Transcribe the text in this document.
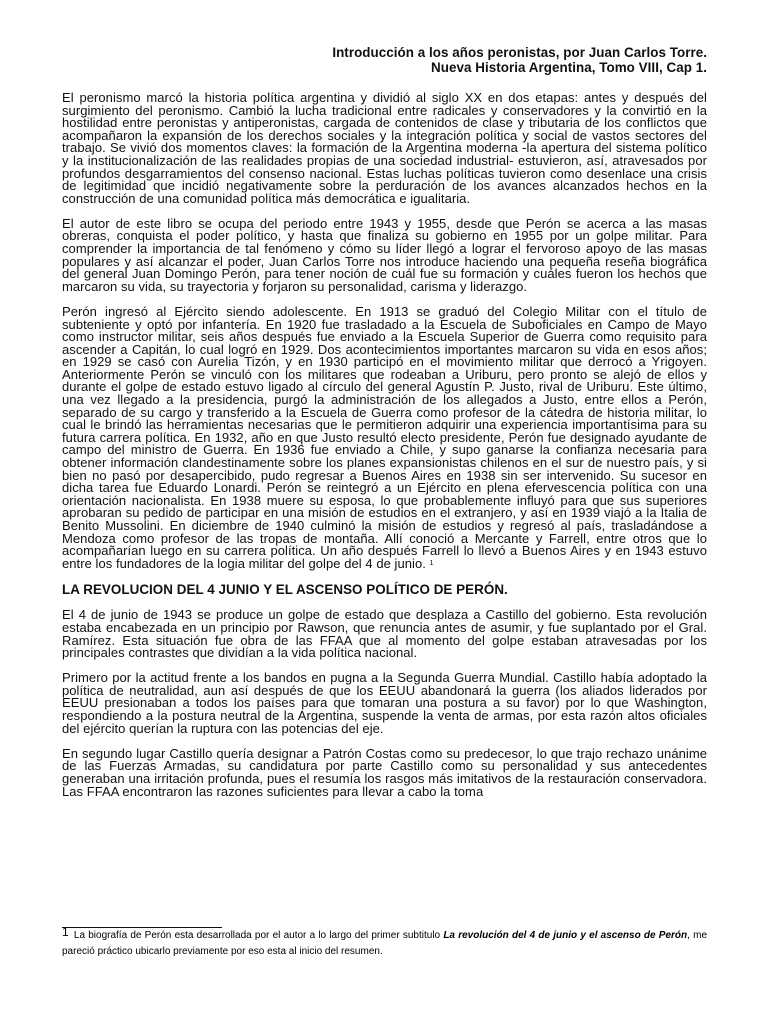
Introducción a los años peronistas, por Juan Carlos Torre.

Nueva Historia Argentina, Tomo VIII, Cap 1.

El peronismo marcó la historia política argentina y dividió al siglo XX en dos etapas: antes y después del surgimiento del peronismo. Cambió la lucha tradicional entre radicales y conservadores y la convirtió en la hostilidad entre peronistas y antiperonistas, cargada de contenidos de clase y tributaria de los conflictos que acompañaron la expansión de los derechos sociales y la integración política y social de vastos sectores del trabajo. Se vivió dos momentos claves: la formación de la Argentina moderna -la apertura del sistema político y la institucionalización de las realidades propias de una sociedad industrial- estuvieron, así, atravesados por profundos desgarramientos del consenso nacional. Estas luchas políticas tuvieron como desenlace una crisis de legitimidad que incidió negativamente sobre la perduración de los avances alcanzados hechos en la construcción de una comunidad política más democrática e igualitaria.

El autor de este libro se ocupa del periodo entre 1943 y 1955, desde que Perón se acerca a las masas obreras, conquista el poder político, y hasta que finaliza su gobierno en 1955 por un golpe militar. Para comprender la importancia de tal fenómeno y cómo su líder llegó a lograr el fervoroso apoyo de las masas populares y así alcanzar el poder, Juan Carlos Torre nos introduce haciendo una pequeña reseña biográfica del general Juan Domingo Perón, para tener noción de cuál fue su formación y cuáles fueron los hechos que marcaron su vida, su trayectoria y forjaron su personalidad, carisma y liderazgo.

Perón ingresó al Ejército siendo adolescente. En 1913 se graduó del Colegio Militar con el título de subteniente y optó por infantería. En 1920 fue trasladado a la Escuela de Suboficiales en Campo de Mayo como instructor militar, seis años después fue enviado a la Escuela Superior de Guerra como requisito para ascender a Capitán, lo cual logró en 1929. Dos acontecimientos importantes marcaron su vida en esos años; en 1929 se casó con Aurelia Tizón, y en 1930 participó en el movimiento militar que derrocó a Yrigoyen. Anteriormente Perón se vinculó con los militares que rodeaban a Uriburu, pero pronto se alejó de ellos y durante el golpe de estado estuvo ligado al círculo del general Agustín P. Justo, rival de Uriburu. Este último, una vez llegado a la presidencia, purgó la administración de los allegados a Justo, entre ellos a Perón, separado de su cargo y transferido a la Escuela de Guerra como profesor de la cátedra de historia militar, lo cual le brindó las herramientas necesarias que le permitieron adquirir una experiencia importantísima para su futura carrera política. En 1932, año en que Justo resultó electo presidente, Perón fue designado ayudante de campo del ministro de Guerra. En 1936 fue enviado a Chile, y supo ganarse la confianza necesaria para obtener información clandestinamente sobre los planes expansionistas chilenos en el sur de nuestro país, y si bien no pasó por desapercibido, pudo regresar a Buenos Aires en 1938 sin ser intervenido. Su sucesor en dicha tarea fue Eduardo Lonardi. Perón se reintegró a un Ejército en plena efervescencia política con una orientación nacionalista. En 1938 muere su esposa, lo que probablemente influyó para que sus superiores aprobaran su pedido de participar en una misión de estudios en el extranjero, y así en 1939 viajó a la Italia de Benito Mussolini. En diciembre de 1940 culminó la misión de estudios y regresó al país, trasladándose a Mendoza como profesor de las tropas de montaña. Allí conoció a Mercante y Farrell, entre otros que lo acompañarían luego en su carrera política. Un año después Farrell lo llevó a Buenos Aires y en 1943 estuvo entre los fundadores de la logia militar del golpe del 4 de junio. $^1$

LA REVOLUCION DEL 4 JUNIO Y EL ASCENSO POLÍTICO DE PERÓN.

El 4 de junio de 1943 se produce un golpe de estado que desplaza a Castillo del gobierno. Esta revolución estaba encabezada en un principio por Rawson, que renuncia antes de asumir, y fue suplantado por el Gral. Ramírez. Esta situación fue obra de las FFAA que al momento del golpe estaban atravesadas por los principales contrastes que dividían a la vida política nacional.

Primero por la actitud frente a los bandos en pugna a la Segunda Guerra Mundial. Castillo había adoptado la política de neutralidad, aun así después de que los EEUU abandonará la guerra (los aliados liderados por EEUU presionaban a todos los países para que tomaran una postura a su favor) por lo que Washington, respondiendo a la postura neutral de la Argentina, suspende la venta de armas, por esta razón altos oficiales del ejército querían la ruptura con las potencias del eje.

En segundo lugar Castillo quería designar a Patrón Costas como su predecesor, lo que trajo rechazo unánime de las Fuerzas Armadas, su candidatura por parte Castillo como su personalidad y sus antecedentes generaban una irritación profunda, pues el resumía los rasgos más imitativos de la restauración conservadora. Las FFAA encontraron las razones suficientes para llevar a cabo la toma

1 La biografía de Perón esta desarrollada por el autor a lo largo del primer subtitulo La revolución del 4 de junio y el ascenso de Perón, me pareció práctico ubicarlo previamente por eso esta al inicio del resumen.
